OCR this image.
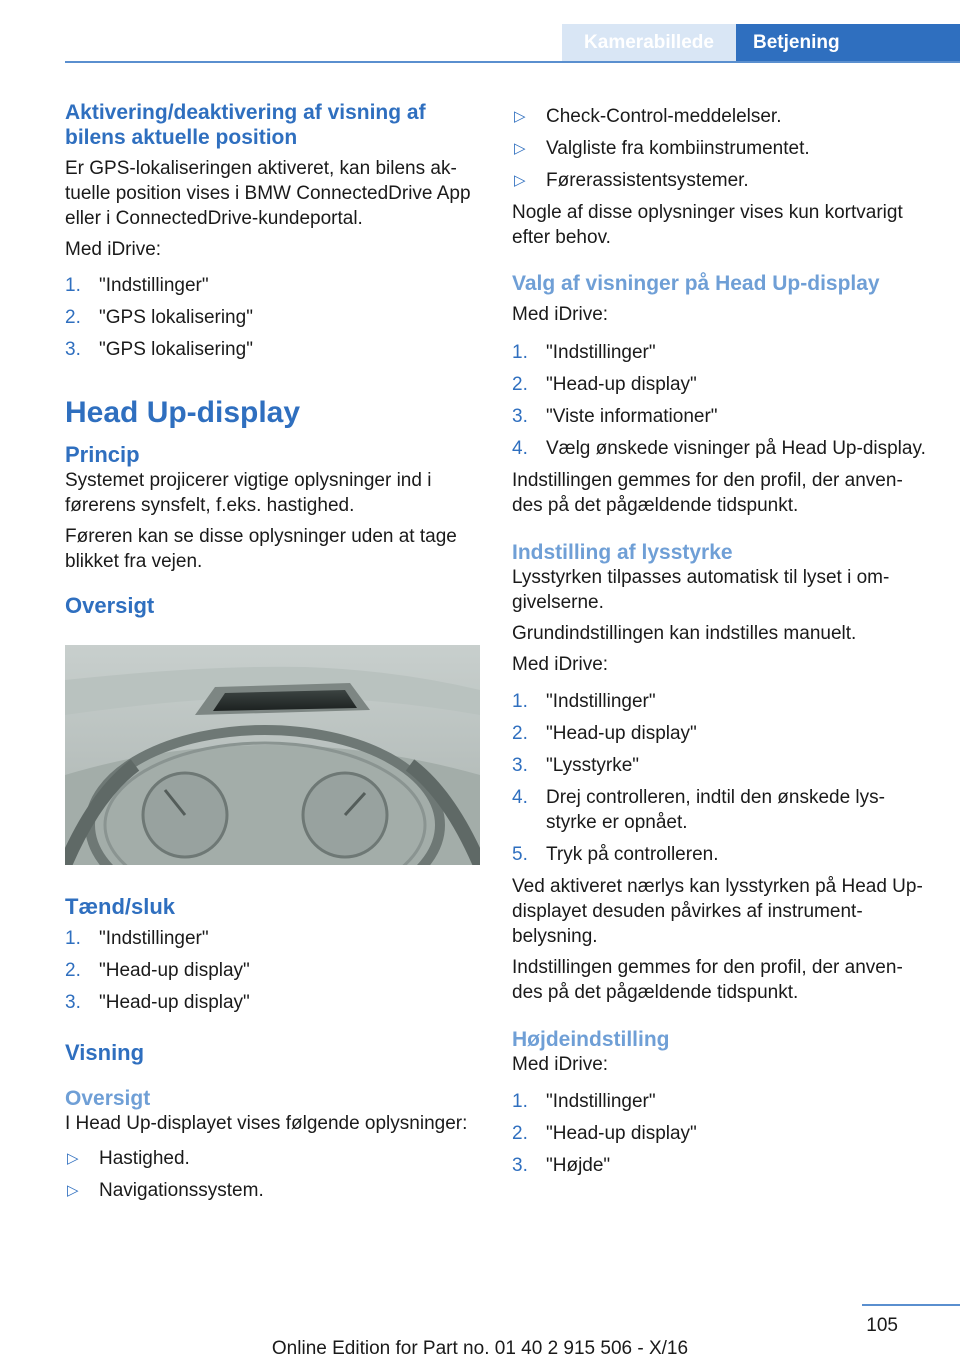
Kamerabillede	Betjening
Aktivering/deaktivering af visning af bilens aktuelle position

Er GPS-lokaliseringen aktiveret, kan bilens aktuelle position vises i BMW ConnectedDrive App eller i ConnectedDrive-kundeportal.

Med iDrive:

1. "Indstillinger"
2. "GPS lokalisering"
3. "GPS lokalisering"
Head Up-display
Princip

Systemet projicerer vigtige oplysninger ind i førerens synsfelt, f.eks. hastighed.

Føreren kan se disse oplysninger uden at tage blikket fra vejen.

Oversigt
Tænd/sluk
1. "Indstillinger"
2. "Head-up display"
3. "Head-up display"
Visning
Oversigt

I Head Up-displayet vises følgende oplysninger:

▷ Hastighed.
▷ Navigationssystem.
▷ Check-Control-meddelelser.
▷ Valgliste fra kombiinstrumentet.
▷ Førerassistentsystemer.

Nogle af disse oplysninger vises kun kortvarigt efter behov.

Valg af visninger på Head Up-display

Med iDrive:

1. "Indstillinger"
2. "Head-up display"
3. "Viste informationer"
4. Vælg ønskede visninger på Head Up-display.

Indstillingen gemmes for den profil, der anvendes på det pågældende tidspunkt.

Indstilling af lysstyrke

Lysstyrken tilpasses automatisk til lyset i omgivelserne.

Grundindstillingen kan indstilles manuelt.

Med iDrive:

1. "Indstillinger"
2. "Head-up display"
3. "Lysstyrke"
4. Drej controlleren, indtil den ønskede lysstyrke er opnået.
5. Tryk på controlleren.

Ved aktiveret nærlys kan lysstyrken på Head Up-displayet desuden påvirkes af instrumentbelysning.

Indstillingen gemmes for den profil, der anvendes på det pågældende tidspunkt.

Højdeindstilling

Med iDrive:

1. "Indstillinger"
2. "Head-up display"
3. "Højde"
105
Online Edition for Part no. 01 40 2 915 506 - X/16
